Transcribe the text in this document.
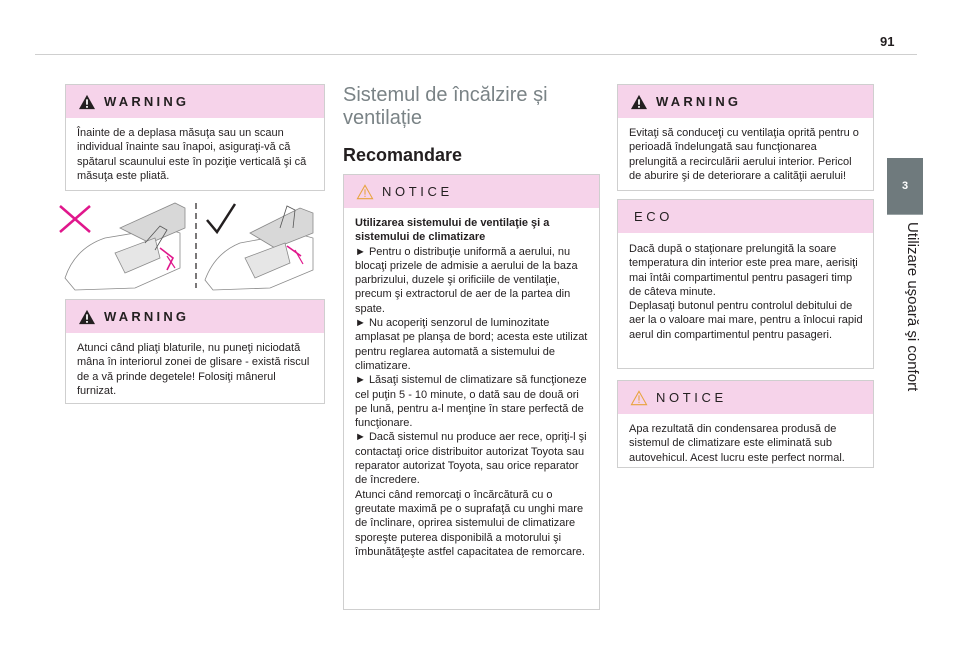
91
3
Utilizare uşoară şi confort
WARNING

Înainte de a deplasa măsuţa sau un scaun individual înainte sau înapoi, asiguraţi-vă că spătarul scaunului este în poziţie verticală şi că măsuţa este pliată.

WARNING

Atunci când pliaţi blaturile, nu puneţi niciodată mâna în interiorul zonei de glisare - există riscul de a vă prinde degetele! Folosiţi mânerul furnizat.

Sistemul de încălzire și ventilație
Recomandare
NOTICE

Utilizarea sistemului de ventilaţie şi a sistemului de climatizare

► Pentru o distribuţie uniformă a aerului, nu blocaţi prizele de admisie a aerului de la baza parbrizului, duzele şi orificiile de ventilaţie, precum şi extractorul de aer de la partea din spate.

► Nu acoperiţi senzorul de luminozitate amplasat pe planşa de bord; acesta este utilizat pentru reglarea automată a sistemului de climatizare.

► Lăsaţi sistemul de climatizare să funcţioneze cel puţin 5 - 10 minute, o dată sau de două ori pe lună, pentru a-l menţine în stare perfectă de funcţionare.

► Dacă sistemul nu produce aer rece, opriţi-l şi contactaţi orice distribuitor autorizat Toyota sau reparator autorizat Toyota, sau orice reparator de încredere.

Atunci când remorcaţi o încărcătură cu o greutate maximă pe o suprafaţă cu unghi mare de înclinare, oprirea sistemului de climatizare sporeşte puterea disponibilă a motorului şi îmbunătăţeşte astfel capacitatea de remorcare.

WARNING

Evitaţi să conduceţi cu ventilaţia oprită pentru o perioadă îndelungată sau funcţionarea prelungită a recirculării aerului interior. Pericol de aburire şi de deteriorare a calităţii aerului!

ECO

Dacă după o staţionare prelungită la soare temperatura din interior este prea mare, aerisiţi mai întâi compartimentul pentru pasageri timp de câteva minute.

Deplasaţi butonul pentru controlul debitului de aer la o valoare mai mare, pentru a înlocui rapid aerul din compartimentul pentru pasageri.

NOTICE

Apa rezultată din condensarea produsă de sistemul de climatizare este eliminată sub autovehicul. Acest lucru este perfect normal.
